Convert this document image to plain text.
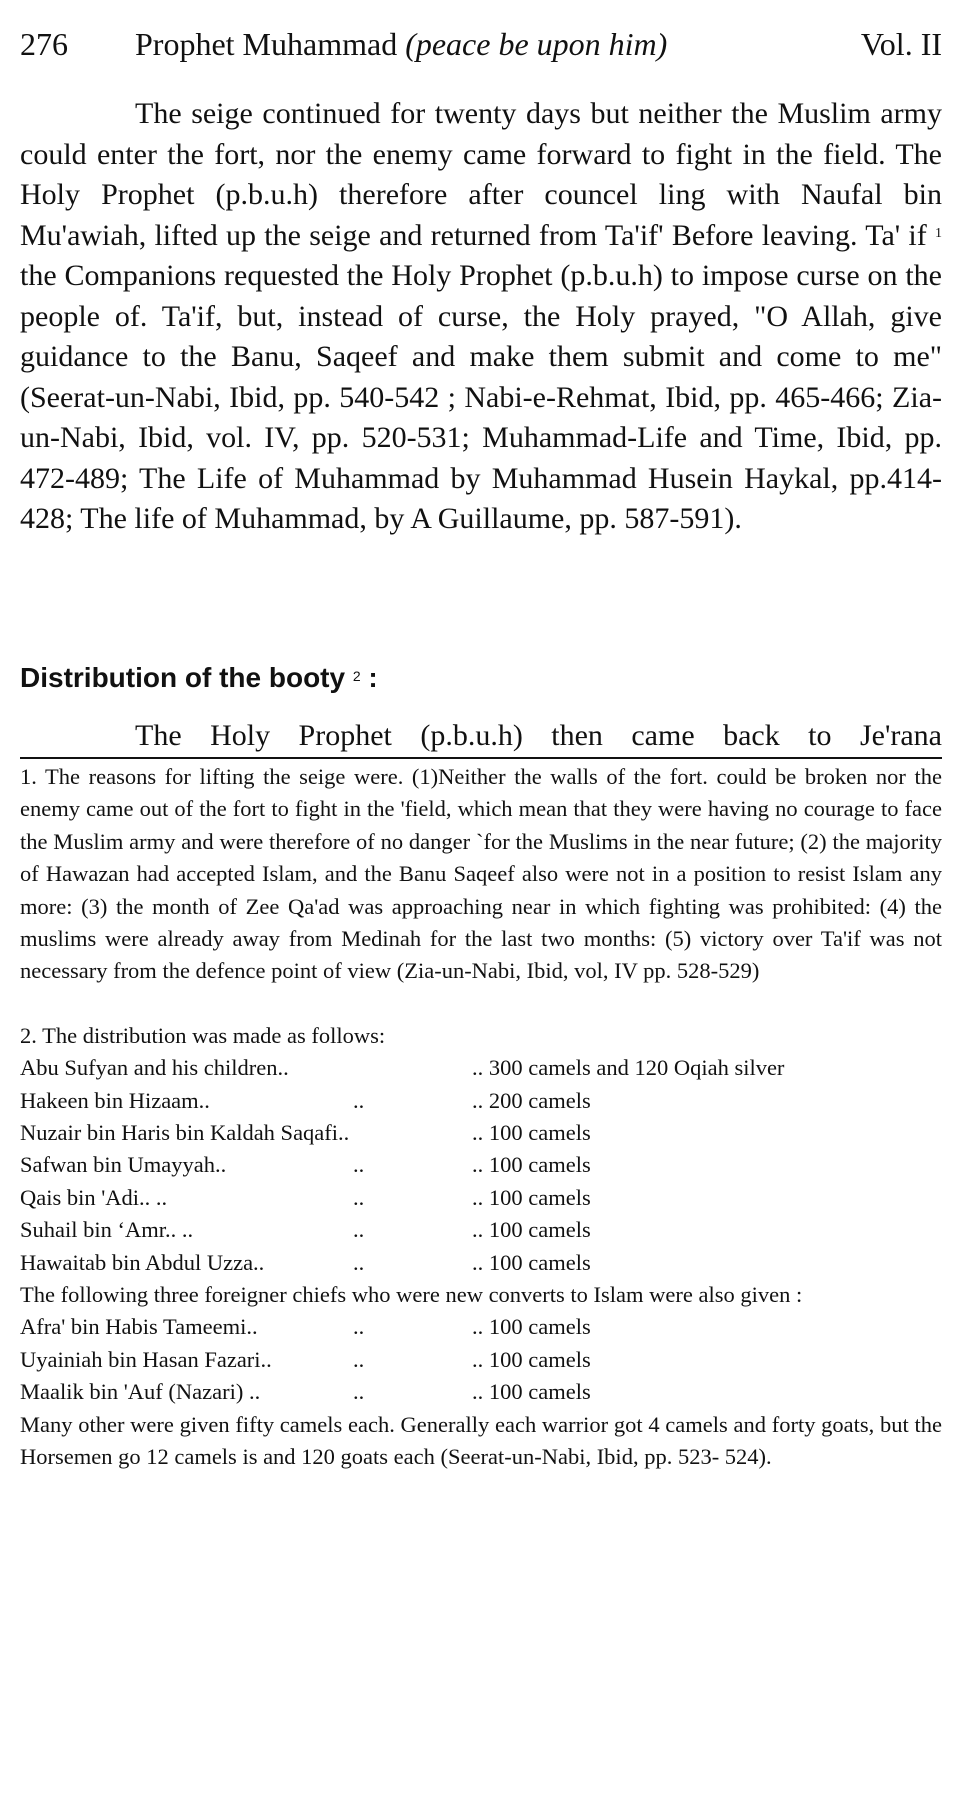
276 Prophet Muhammad (peace be upon him)	Vol. II

The seige continued for twenty days but neither the Muslim army could enter the fort, nor the enemy came forward to fight in the field. The Holy Prophet (p.b.u.h) therefore after councel ling with Naufal bin Mu'awiah, lifted up the seige and returned from Ta'if' Before leaving. Ta' if $^1$ the Companions requested the Holy Prophet (p.b.u.h) to impose curse on the people of. Ta'if, but, instead of curse, the Holy prayed, "O Allah, give guidance to the Banu, Saqeef and make them submit and come to me" (Seerat-un-Nabi, Ibid, pp. 540-542 ; Nabi-e-Rehmat, Ibid, pp. 465-466; Zia-un-Nabi, Ibid, vol. IV, pp. 520-531; Muhammad-Life and Time, Ibid, pp. 472-489; The Life of Muhammad by Muhammad Husein Haykal, pp.414-428; The life of Muhammad, by A Guillaume, pp. 587-591).

Distribution of the booty $^2$ :
The Holy Prophet (p.b.u.h) then came back to Je'rana

1. The reasons for lifting the seige were. (1)Neither the walls of the fort. could be broken nor the enemy came out of the fort to fight in the 'field, which mean that they were having no courage to face the Muslim army and were therefore of no danger `for the Muslims in the near future; (2) the majority of Hawazan had accepted Islam, and the Banu Saqeef also were not in a position to resist Islam any more: (3) the month of Zee Qa'ad was approaching near in which fighting was prohibited: (4) the muslims were already away from Medinah for the last two months: (5) victory over Ta'if was not necessary from the defence point of view (Zia-un-Nabi, Ibid, vol, IV pp. 528-529)

2. The distribution was made as follows:

Abu Sufyan and his children..	.. 300 camels and 120 Oqiah silver
Hakeen bin Hizaam..	..	.. 200 camels
Nuzair bin Haris bin Kaldah Saqafi..	.. 100 camels
Safwan bin Umayyah..	..	.. 100 camels
Qais bin 'Adi.. ..	..	.. 100 camels
Suhail bin ‘Amr.. ..	..	.. 100 camels
Hawaitab bin Abdul Uzza..	..	.. 100 camels

The following three foreigner chiefs who were new converts to Islam were also given :

Afra' bin Habis Tameemi..	..	.. 100 camels
Uyainiah bin Hasan Fazari..	..	.. 100 camels
Maalik bin 'Auf (Nazari) ..	..	.. 100 camels

Many other were given fifty camels each. Generally each warrior got 4 camels and forty goats, but the Horsemen go 12 camels is and 120 goats each (Seerat-un-Nabi, Ibid, pp. 523- 524).
